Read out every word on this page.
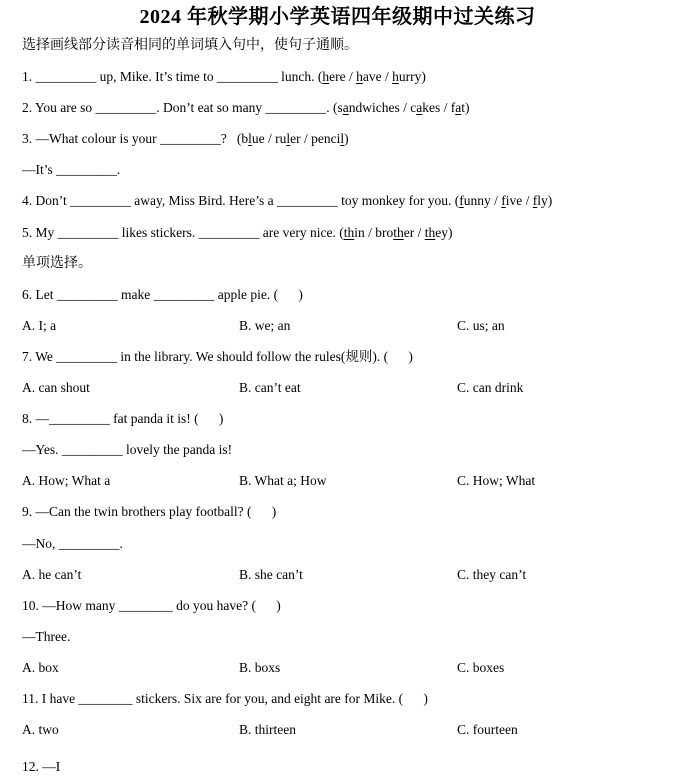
2024 年秋学期小学英语四年级期中过关练习
选择画线部分读音相同的单词填入句中，使句子通顺。
1. _________ up, Mike. It’s time to _________ lunch. (here / have / hurry)
2. You are so _________. Don’t eat so many _________. (sandwiches / cakes / fat)
3. —What colour is your _________?   (blue / ruler / pencil)
—It’s _________.
4. Don’t _________ away, Miss Bird. Here’s a _________ toy monkey for you. (funny / five / fly)
5. My _________ likes stickers. _________ are very nice. (thin / brother / they)
单项选择。
6. Let _________ make _________ apple pie. (      )
A. I; a	B. we; an	C. us; an
7. We _________ in the library. We should follow the rules(规则). (      )
A. can shout	B. can’t eat	C. can drink
8. —_________ fat panda it is! (      )
—Yes. _________ lovely the panda is!
A. How; What a	B. What a; How	C. How; What
9. —Can the twin brothers play football? (      )
—No, _________.
A. he can’t	B. she can’t	C. they can’t
10. —How many ________ do you have? (      )
—Three.
A. box	B. boxs	C. boxes
11. I have ________ stickers. Six are for you, and eight are for Mike. (      )
A. two	B. thirteen	C. fourteen
12. —I
